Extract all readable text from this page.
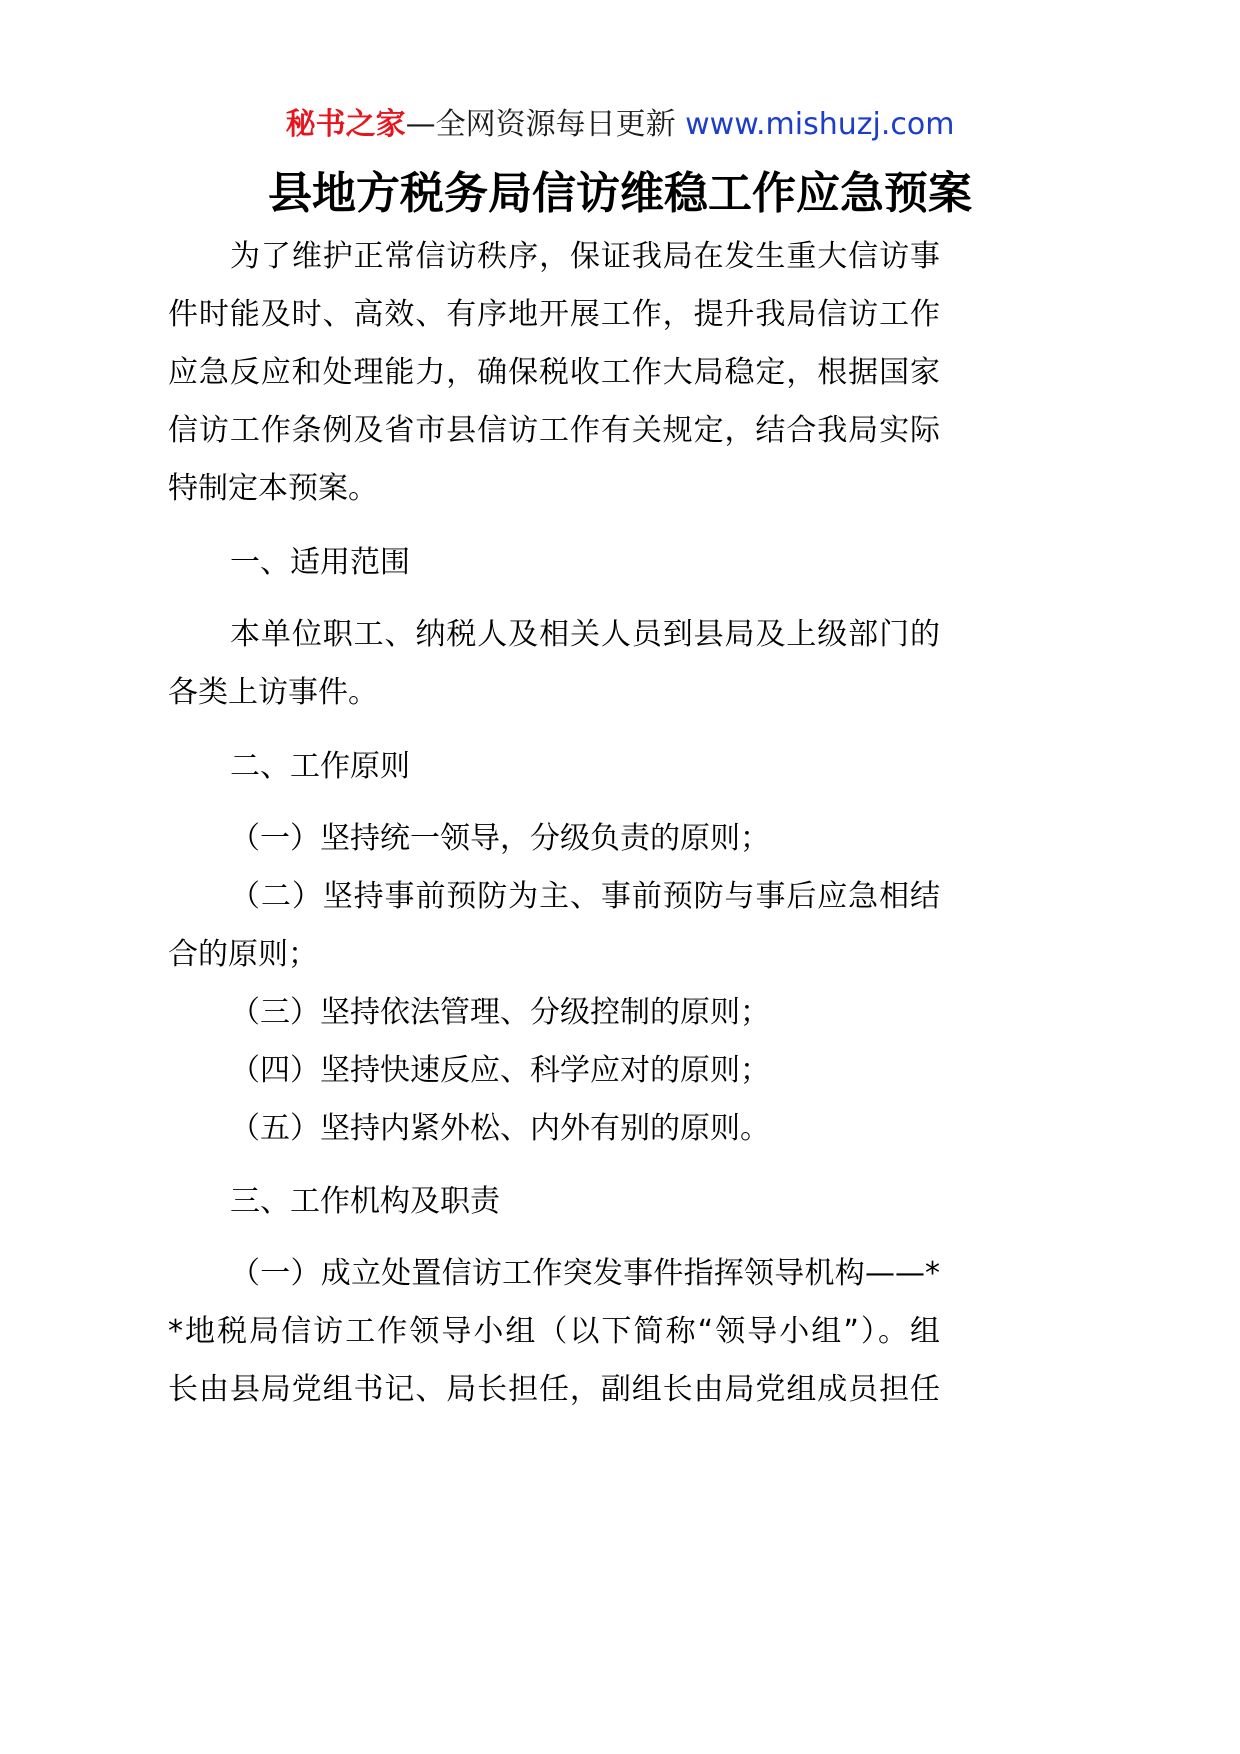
秘书之家—全网资源每日更新 www.mishuzj.com
县地方税务局信访维稳工作应急预案
为了维护正常信访秩序，保证我局在发生重大信访事
件时能及时、高效、有序地开展工作，提升我局信访工作
应急反应和处理能力，确保税收工作大局稳定，根据国家
信访工作条例及省市县信访工作有关规定，结合我局实际
特制定本预案。
一、适用范围
本单位职工、纳税人及相关人员到县局及上级部门的
各类上访事件。
二、工作原则
（一）坚持统一领导，分级负责的原则；
（二）坚持事前预防为主、事前预防与事后应急相结
合的原则；
（三）坚持依法管理、分级控制的原则；
（四）坚持快速反应、科学应对的原则；
（五）坚持内紧外松、内外有别的原则。
三、工作机构及职责
（一）成立处置信访工作突发事件指挥领导机构——*
*地税局信访工作领导小组（以下简称“领导小组”）。组
长由县局党组书记、局长担任，副组长由局党组成员担任
